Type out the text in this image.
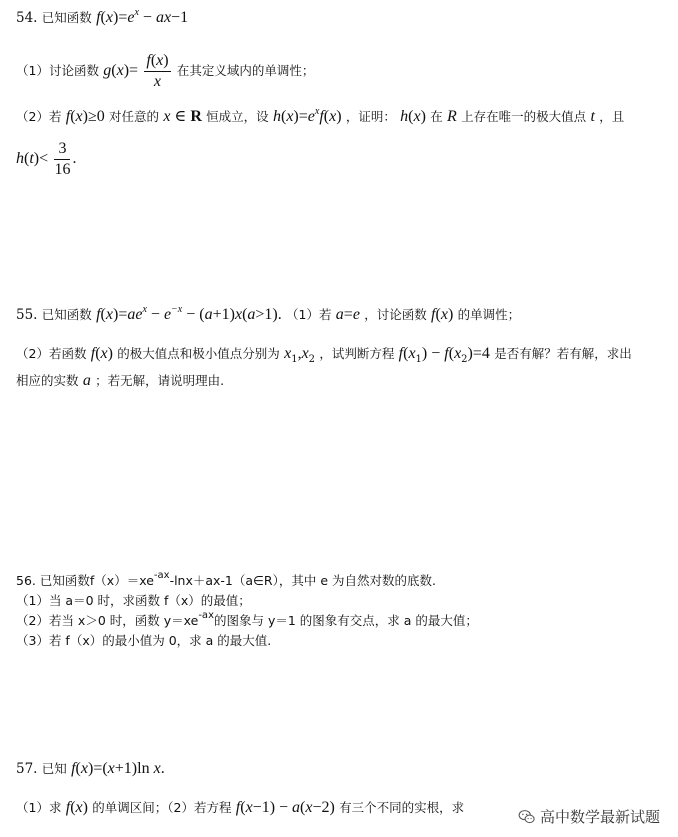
54. 已知函数 $f(x)=e^x - ax-1$
（1）讨论函数 $g(x)= \frac{f(x)}{x}$ 在其定义域内的单调性；
（2）若 f(x)≥0 对任意的 x ∈ R 恒成立，设 $h(x)=e^xf(x)$ ，证明： h(x) 在 R 上存在唯一的极大值点 t ，且
$h(t)< \frac{3}{16}$ .
55. 已知函数 $f(x)=ae^x - e^{-x} - (a+1)x(a>1)$. （1）若 a=e ，讨论函数 f(x) 的单调性；
（2）若函数 f(x) 的极大值点和极小值点分别为 $x_1,x_2$ ，试判断方程 $f(x_1) - f(x_2)=4$ 是否有解？若有解，求出
相应的实数 a ；若无解，请说明理由.
56. 已知函数$f(x)=xe^{-ax}-\ln x+ax-1(a\in R)$，其中 e 为自然对数的底数.
（1）当 a＝0 时，求函数 f（x）的最值；
（2）若当 x＞0 时，函数 $y=xe^{-ax}$的图象与 y＝1 的图象有交点，求 a 的最大值；
（3）若 f（x）的最小值为 0，求 a 的最大值.
57. 已知 f(x)=(x+1)ln x.
（1）求 f(x) 的单调区间；（2）若方程 f(x−1) − a(x−2) 有三个不同的实根，求
高中数学最新试题
